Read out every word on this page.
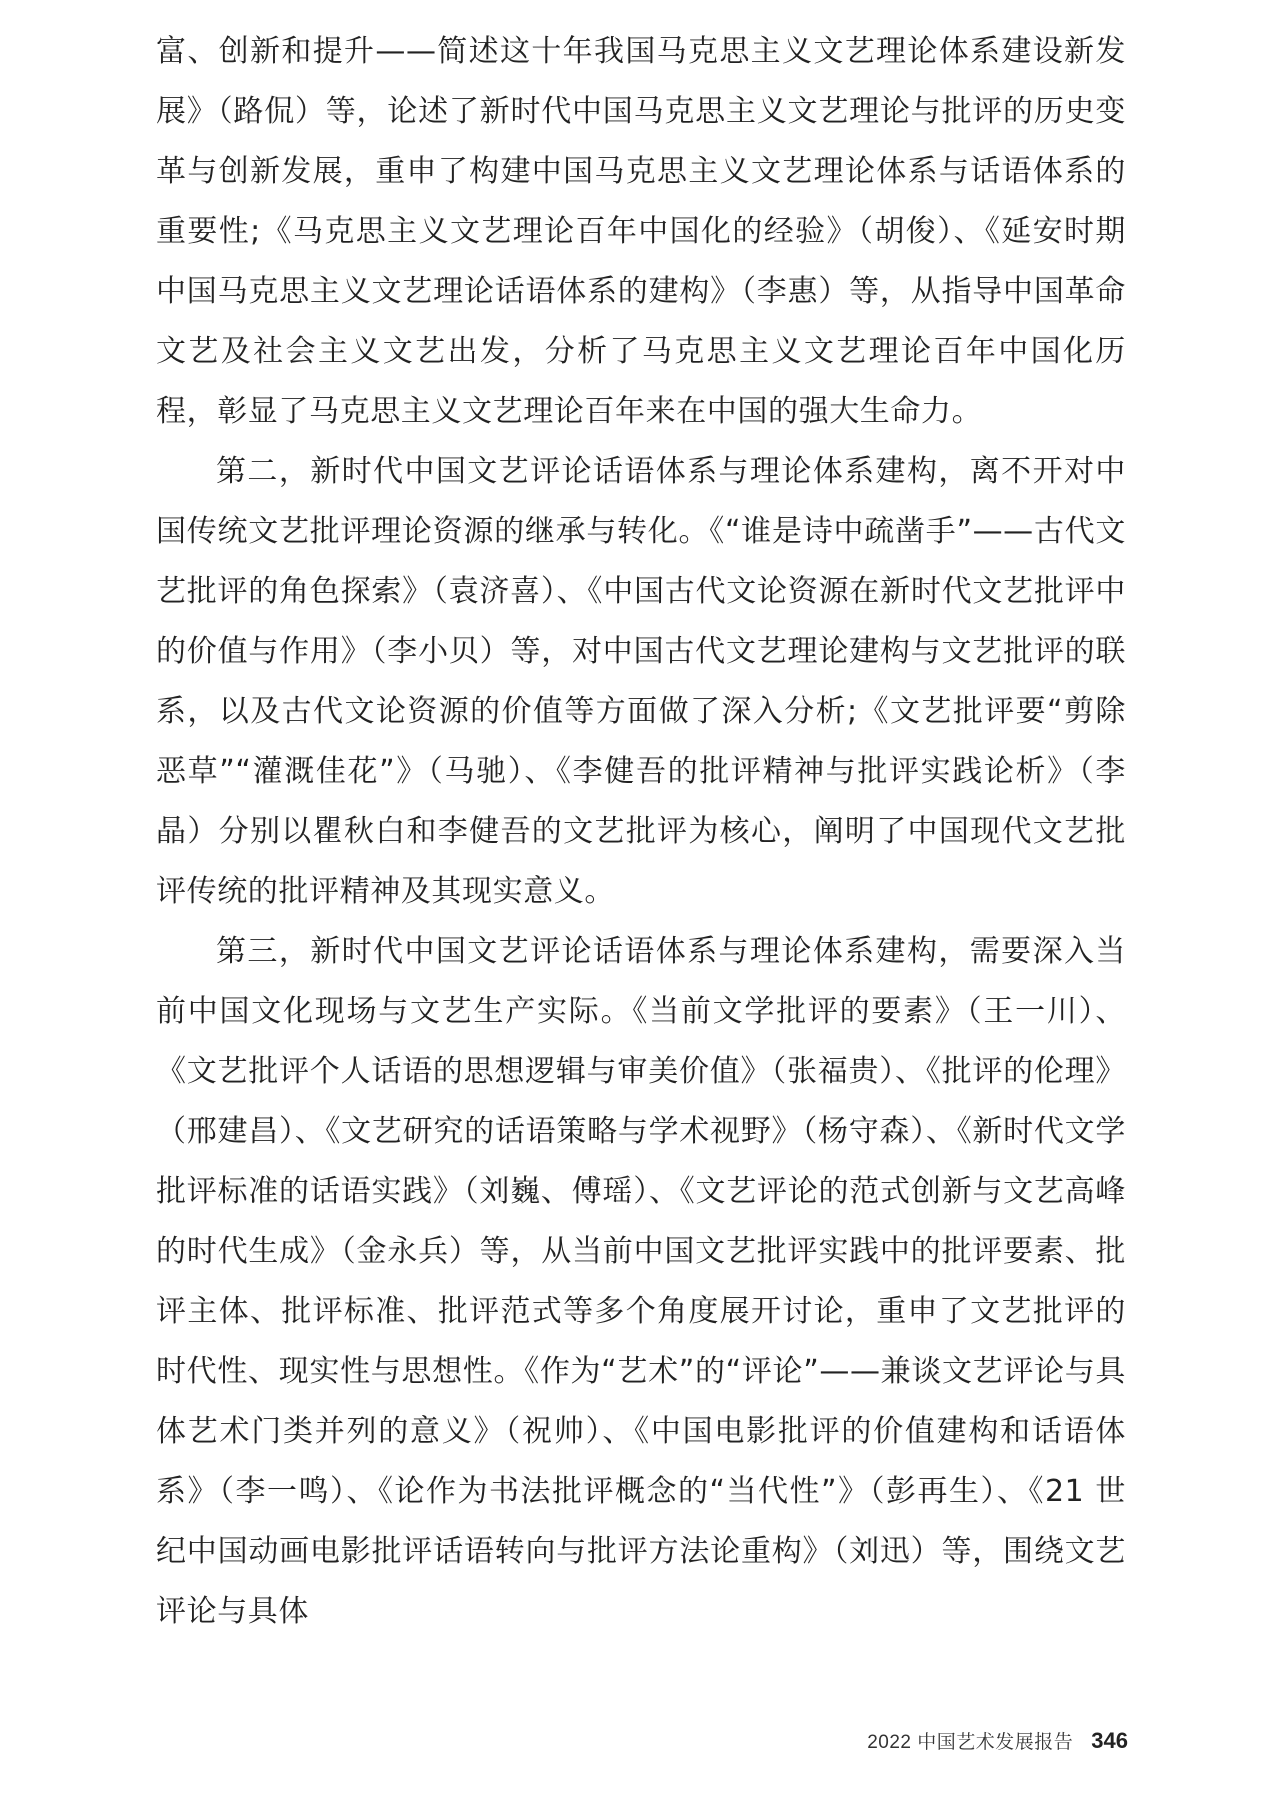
富、创新和提升——简述这十年我国马克思主义文艺理论体系建设新发展》（路侃）等，论述了新时代中国马克思主义文艺理论与批评的历史变革与创新发展，重申了构建中国马克思主义文艺理论体系与话语体系的重要性;《马克思主义文艺理论百年中国化的经验》（胡俊）、《延安时期中国马克思主义文艺理论话语体系的建构》（李惠）等，从指导中国革命文艺及社会主义文艺出发，分析了马克思主义文艺理论百年中国化历程，彰显了马克思主义文艺理论百年来在中国的强大生命力。

第二，新时代中国文艺评论话语体系与理论体系建构，离不开对中国传统文艺批评理论资源的继承与转化。《“谁是诗中疏凿手”——古代文艺批评的角色探索》（袁济喜）、《中国古代文论资源在新时代文艺批评中的价值与作用》（李小贝）等，对中国古代文艺理论建构与文艺批评的联系，以及古代文论资源的价值等方面做了深入分析;《文艺批评要“剪除恶草”“灌溉佳花”》（马驰）、《李健吾的批评精神与批评实践论析》（李晶）分别以瞿秋白和李健吾的文艺批评为核心，阐明了中国现代文艺批评传统的批评精神及其现实意义。

第三，新时代中国文艺评论话语体系与理论体系建构，需要深入当前中国文化现场与文艺生产实际。《当前文学批评的要素》（王一川）、《文艺批评个人话语的思想逻辑与审美价值》（张福贵）、《批评的伦理》（邢建昌）、《文艺研究的话语策略与学术视野》（杨守森）、《新时代文学批评标准的话语实践》（刘巍、傅瑶）、《文艺评论的范式创新与文艺高峰的时代生成》（金永兵）等，从当前中国文艺批评实践中的批评要素、批评主体、批评标准、批评范式等多个角度展开讨论，重申了文艺批评的时代性、现实性与思想性。《作为“艺术”的“评论”——兼谈文艺评论与具体艺术门类并列的意义》（祝帅）、《中国电影批评的价值建构和话语体系》（李一鸣）、《论作为书法批评概念的“当代性”》（彭再生）、《21 世纪中国动画电影批评话语转向与批评方法论重构》（刘迅）等，围绕文艺评论与具体

2022 中国艺术发展报告 346
